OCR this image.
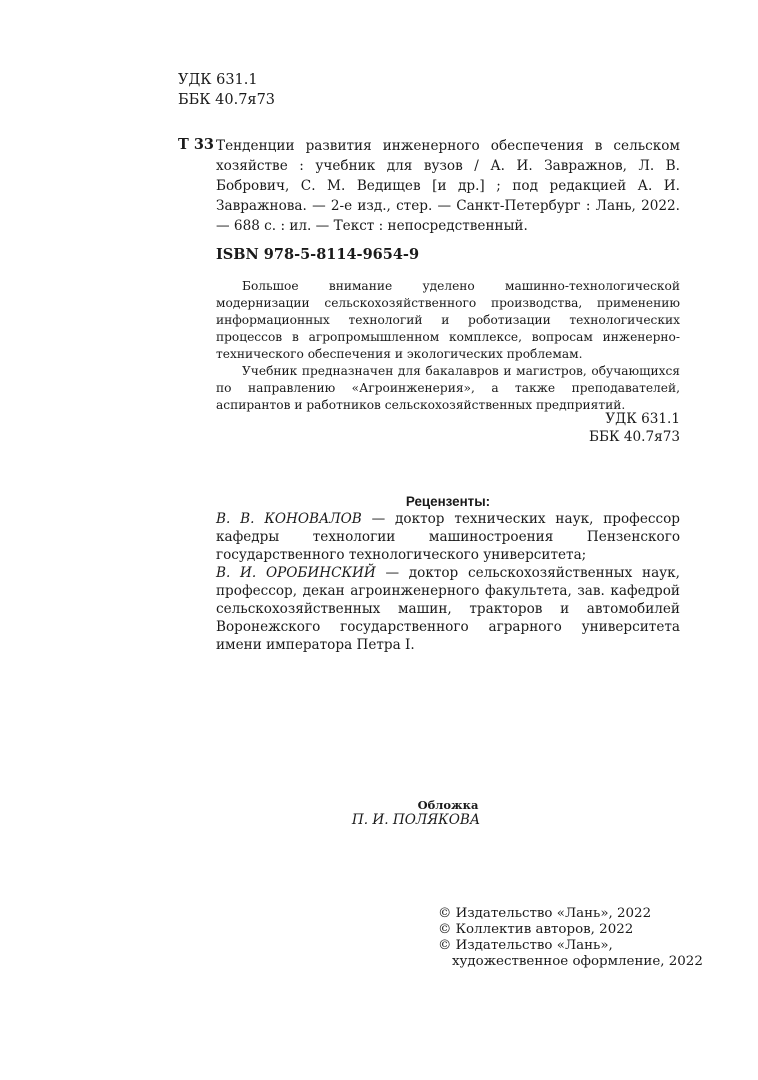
УДК 631.1
ББК 40.7я73
Т 33 Тенденции развития инженерного обеспечения в сельском хозяйстве : учебник для вузов / А. И. Завражнов, Л. В. Бобрович, С. М. Ведищев [и др.] ; под редакцией А. И. Завражнова. — 2-е изд., стер. — Санкт-Петербург : Лань, 2022. — 688 с. : ил. — Текст : непосредственный.
ISBN 978-5-8114-9654-9

Большое внимание уделено машинно-технологической модернизации сельскохозяйственного производства, применению информационных технологий и роботизации технологических процессов в агропромышленном комплексе, вопросам инженерно-технического обеспечения и экологических проблемам.

Учебник предназначен для бакалавров и магистров, обучающихся по направлению «Агроинженерия», а также преподавателей, аспирантов и работников сельскохозяйственных предприятий.

УДК 631.1
ББК 40.7я73
Рецензенты:

В. В. КОНОВАЛОВ — доктор технических наук, профессор кафедры технологии машиностроения Пензенского государственного технологического университета;

В. И. ОРОБИНСКИЙ — доктор сельскохозяйственных наук, профессор, декан агроинженерного факультета, зав. кафедрой сельскохозяйственных машин, тракторов и автомобилей Воронежского государственного аграрного университета имени императора Петра I.

Обложка
П. И. ПОЛЯКОВА
© Издательство «Лань», 2022
© Коллектив авторов, 2022
© Издательство «Лань»,
художественное оформление, 2022
